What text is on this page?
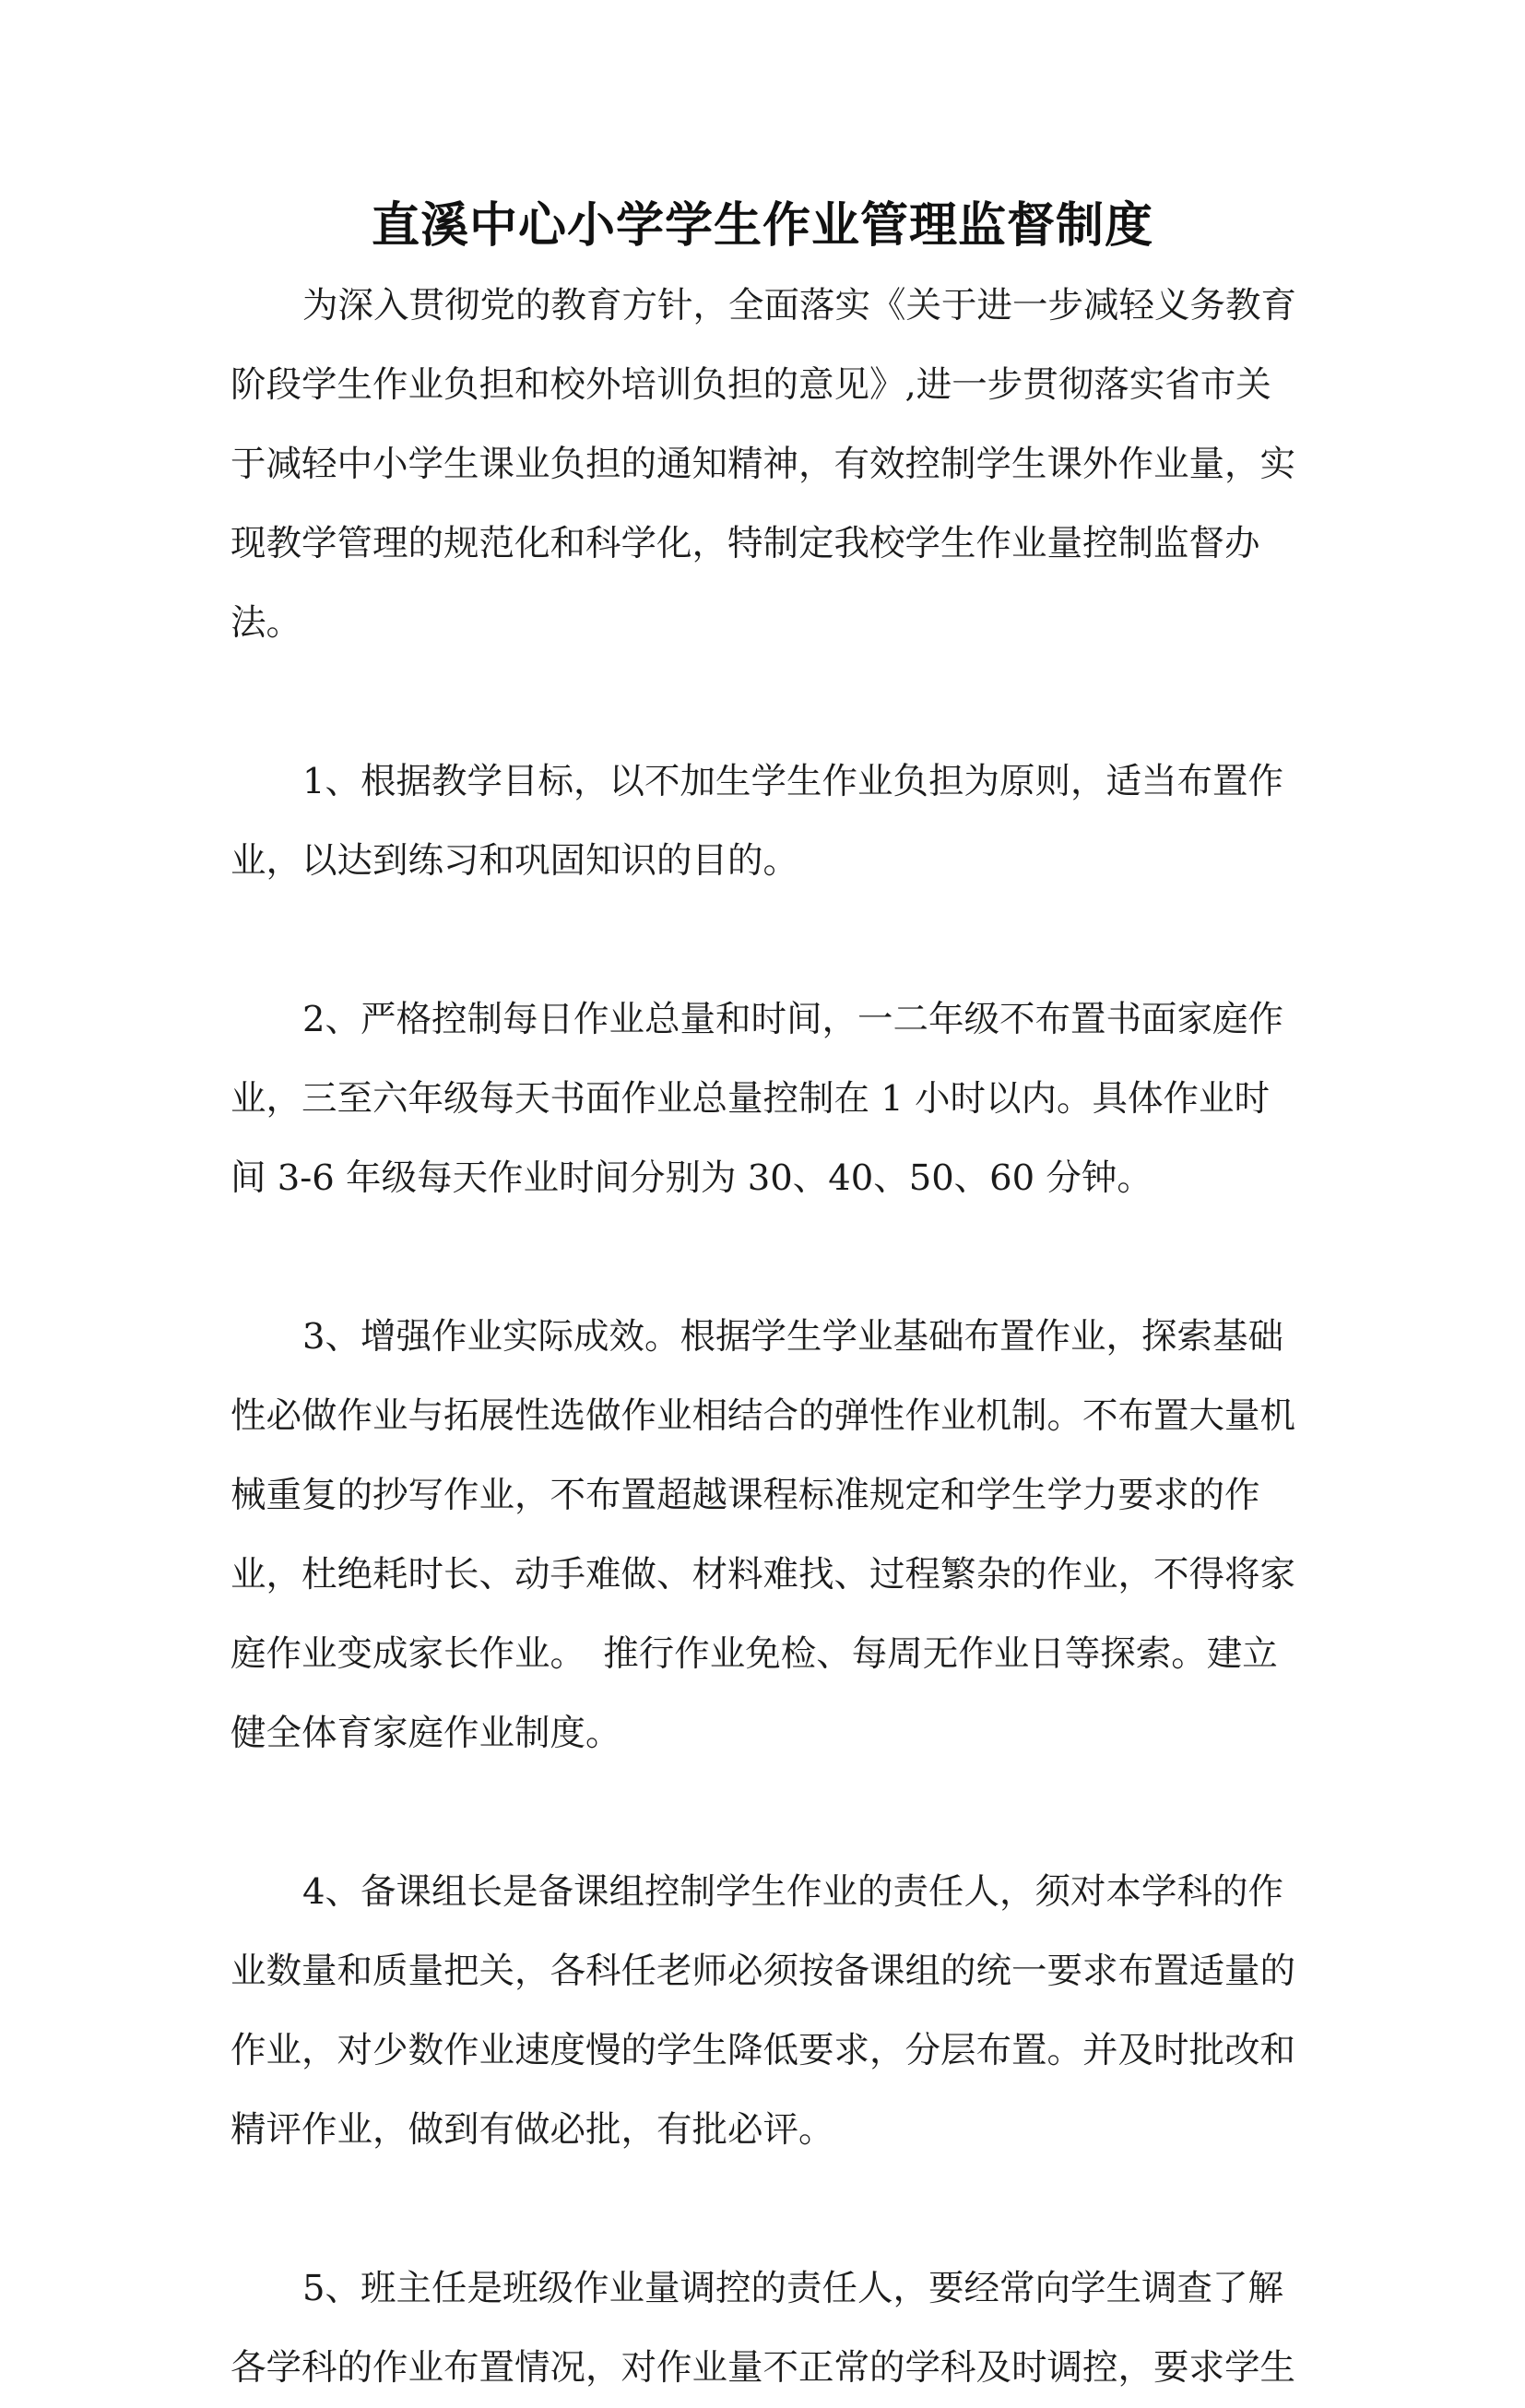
直溪中心小学学生作业管理监督制度

为深入贯彻党的教育方针，全面落实《关于进一步减轻义务教育阶段学生作业负担和校外培训负担的意见》,进一步贯彻落实省市关于减轻中小学生课业负担的通知精神，有效控制学生课外作业量，实现教学管理的规范化和科学化，特制定我校学生作业量控制监督办法。

1、根据教学目标，以不加生学生作业负担为原则，适当布置作业，以达到练习和巩固知识的目的。

2、严格控制每日作业总量和时间，一二年级不布置书面家庭作业，三至六年级每天书面作业总量控制在 1 小时以内。具体作业时间 3-6 年级每天作业时间分别为 30、40、50、60 分钟。

3、增强作业实际成效。根据学生学业基础布置作业，探索基础性必做作业与拓展性选做作业相结合的弹性作业机制。不布置大量机械重复的抄写作业，不布置超越课程标准规定和学生学力要求的作业，杜绝耗时长、动手难做、材料难找、过程繁杂的作业，不得将家庭作业变成家长作业。　推行作业免检、每周无作业日等探索。建立健全体育家庭作业制度。

4、备课组长是备课组控制学生作业的责任人，须对本学科的作业数量和质量把关，各科任老师必须按备课组的统一要求布置适量的作业，对少数作业速度慢的学生降低要求，分层布置。并及时批改和精评作业，做到有做必批，有批必评。

5、班主任是班级作业量调控的责任人，要经常向学生调查了解各学科的作业布置情况，对作业量不正常的学科及时调控，要求学生
